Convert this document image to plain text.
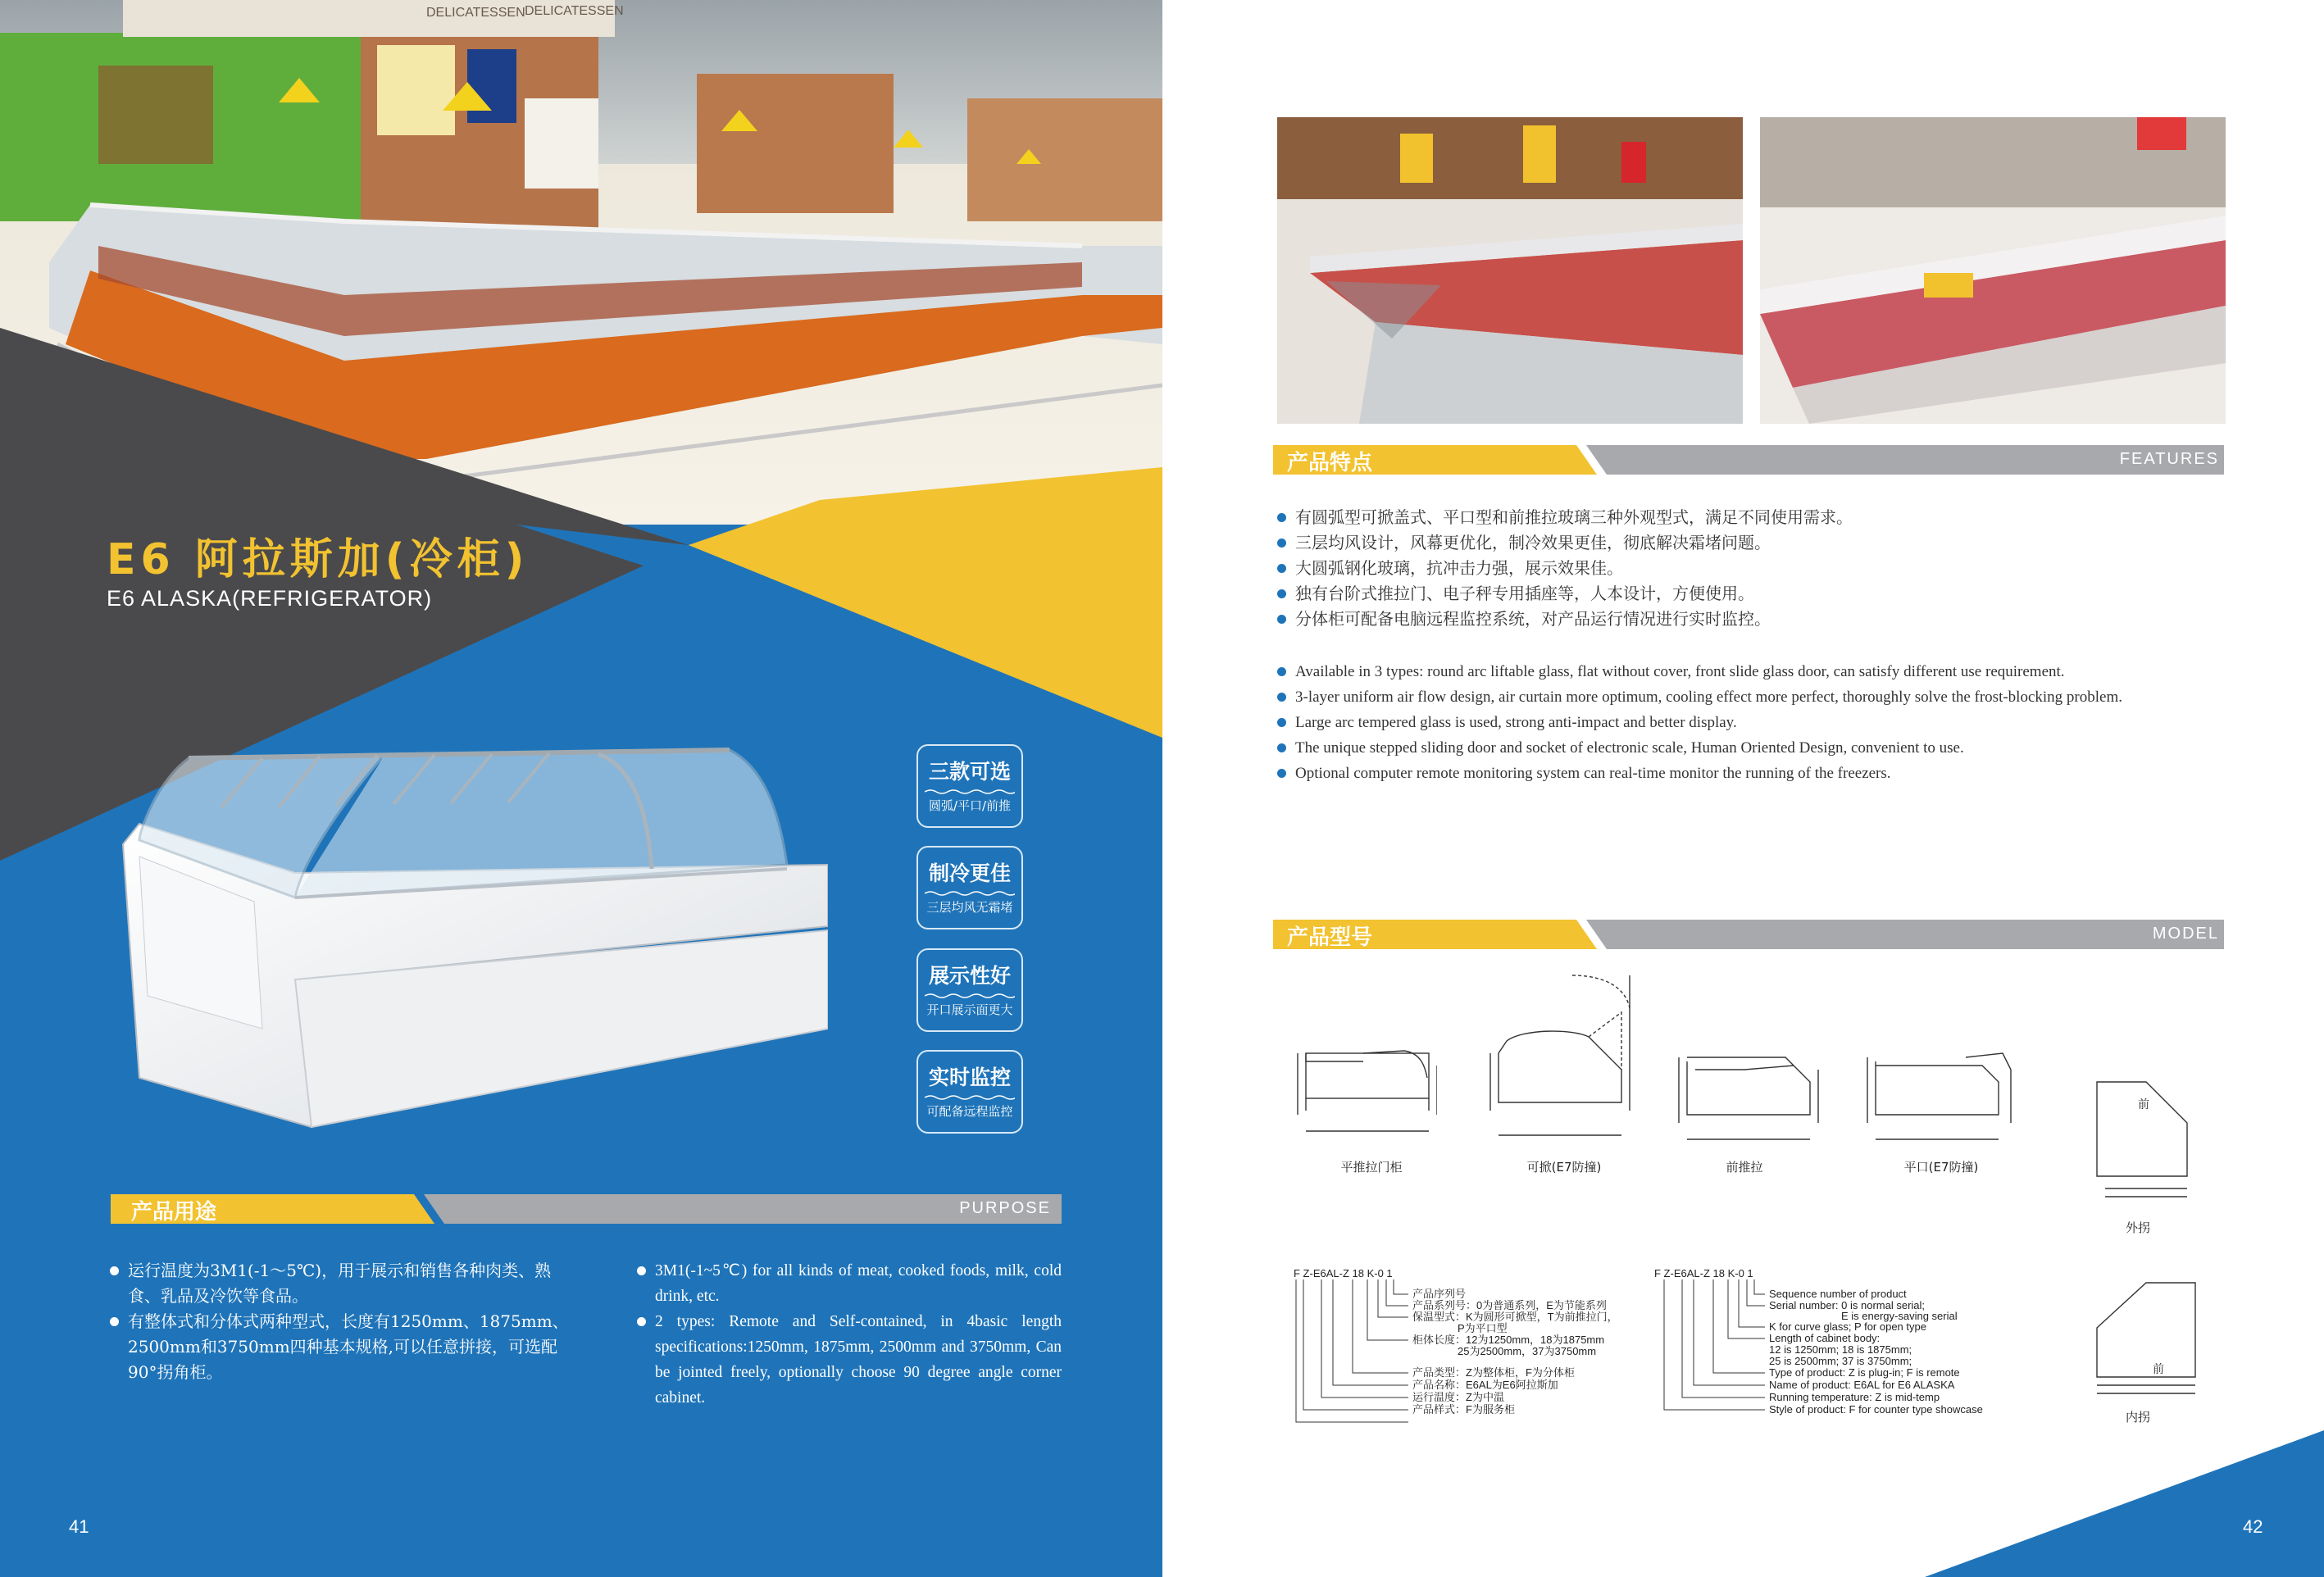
DELICATESSEN DELICATESSEN
E6 阿拉斯加(冷柜)
E6 ALASKA(REFRIGERATOR)
三款可选
圆弧/平口/前推
制冷更佳
三层均风无霜堵
展示性好
开口展示面更大
实时监控
可配备远程监控
产品用途	PURPOSE
运行温度为3M1(-1～5℃)，用于展示和销售各种肉类、熟食、乳品及冷饮等食品。
有整体式和分体式两种型式，长度有1250mm、1875mm、2500mm和3750mm四种基本规格,可以任意拼接，可选配90°拐角柜。
3M1(-1~5℃) for all kinds of meat, cooked foods, milk, cold drink, etc.
2 types: Remote and Self-contained, in 4basic length specifications:1250mm, 1875mm, 2500mm and 3750mm, Can be jointed freely, optionally choose 90 degree angle corner cabinet.
41
产品特点	FEATURES
有圆弧型可掀盖式、平口型和前推拉玻璃三种外观型式，满足不同使用需求。
三层均风设计，风幕更优化，制冷效果更佳，彻底解决霜堵问题。
大圆弧钢化玻璃，抗冲击力强，展示效果佳。
独有台阶式推拉门、电子秤专用插座等，人本设计，方便使用。
分体柜可配备电脑远程监控系统，对产品运行情况进行实时监控。
Available in 3 types: round arc liftable glass, flat without cover, front slide glass door, can satisfy different use requirement.
3-layer uniform air flow design, air curtain more optimum, cooling effect more perfect, thoroughly solve the frost-blocking problem.
Large arc tempered glass is used, strong anti-impact and better display.
The unique stepped sliding door and socket of electronic scale, Human Oriented Design, convenient to use.
Optional computer remote monitoring system can real-time monitor the running of the freezers.
产品型号	MODEL
平推拉门柜	可掀(E7防撞)	前推拉	平口(E7防撞)
前
外拐
前
内拐
F Z-E6AL-Z 18 K-0 1
产品序列号
产品系列号：0为普通系列，E为节能系列
保温型式：K为圆形可掀型，T为前推拉门，
P为平口型
柜体长度：12为1250mm，18为1875mm
25为2500mm，37为3750mm
产品类型：Z为整体柜，F为分体柜
产品名称：E6AL为E6阿拉斯加
运行温度：Z为中温
产品样式：F为服务柜
F Z-E6AL-Z 18 K-0 1
Sequence number of product
Serial number: 0 is normal serial;
E is energy-saving serial
K for curve glass; P for open type
Length of cabinet body:
12 is 1250mm; 18 is 1875mm;
25 is 2500mm; 37 is 3750mm;
Type of product: Z is plug-in; F is remote
Name of product: E6AL for E6 ALASKA
Running temperature: Z is mid-temp
Style of product: F for counter type showcase
42
